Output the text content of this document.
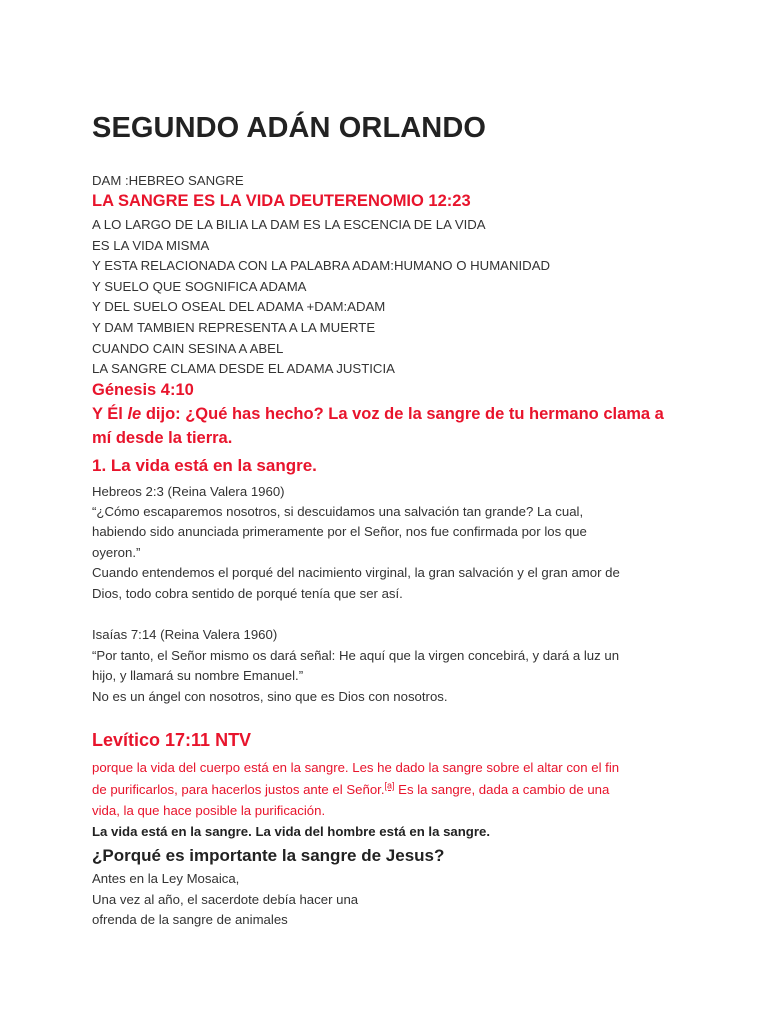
SEGUNDO ADÁN ORLANDO

DAM :HEBREO SANGRE

LA SANGRE ES LA VIDA DEUTERENOMIO 12:23

A LO LARGO DE LA BILIA LA DAM ES LA ESCENCIA DE LA VIDA

ES LA VIDA MISMA

Y ESTA RELACIONADA CON LA PALABRA ADAM:HUMANO O HUMANIDAD

Y SUELO QUE SOGNIFICA ADAMA

Y DEL SUELO OSEAL DEL ADAMA +DAM:ADAM

Y DAM TAMBIEN REPRESENTA A LA MUERTE

CUANDO CAIN SESINA A ABEL

LA SANGRE CLAMA DESDE EL ADAMA JUSTICIA

Génesis 4:10

Y Él le dijo: ¿Qué has hecho? La voz de la sangre de tu hermano clama a

mí desde la tierra.

1. La vida está en la sangre.

Hebreos 2:3 (Reina Valera 1960)

“¿Cómo escaparemos nosotros, si descuidamos una salvación tan grande? La cual,

habiendo sido anunciada primeramente por el Señor, nos fue confirmada por los que

oyeron.”

Cuando entendemos el porqué del nacimiento virginal, la gran salvación y el gran amor de

Dios, todo cobra sentido de porqué tenía que ser así.

Isaías 7:14 (Reina Valera 1960)

“Por tanto, el Señor mismo os dará señal: He aquí que la virgen concebirá, y dará a luz un

hijo, y llamará su nombre Emanuel.”

No es un ángel con nosotros, sino que es Dios con nosotros.

Levítico 17:11 NTV

porque la vida del cuerpo está en la sangre. Les he dado la sangre sobre el altar con el fin

de purificarlos, para hacerlos justos ante el Señor.[a] Es la sangre, dada a cambio de una

vida, la que hace posible la purificación.

La vida está en la sangre. La vida del hombre está en la sangre.

¿Porqué es importante la sangre de Jesus?

Antes en la Ley Mosaica,

Una vez al año, el sacerdote debía hacer una

ofrenda de la sangre de animales
